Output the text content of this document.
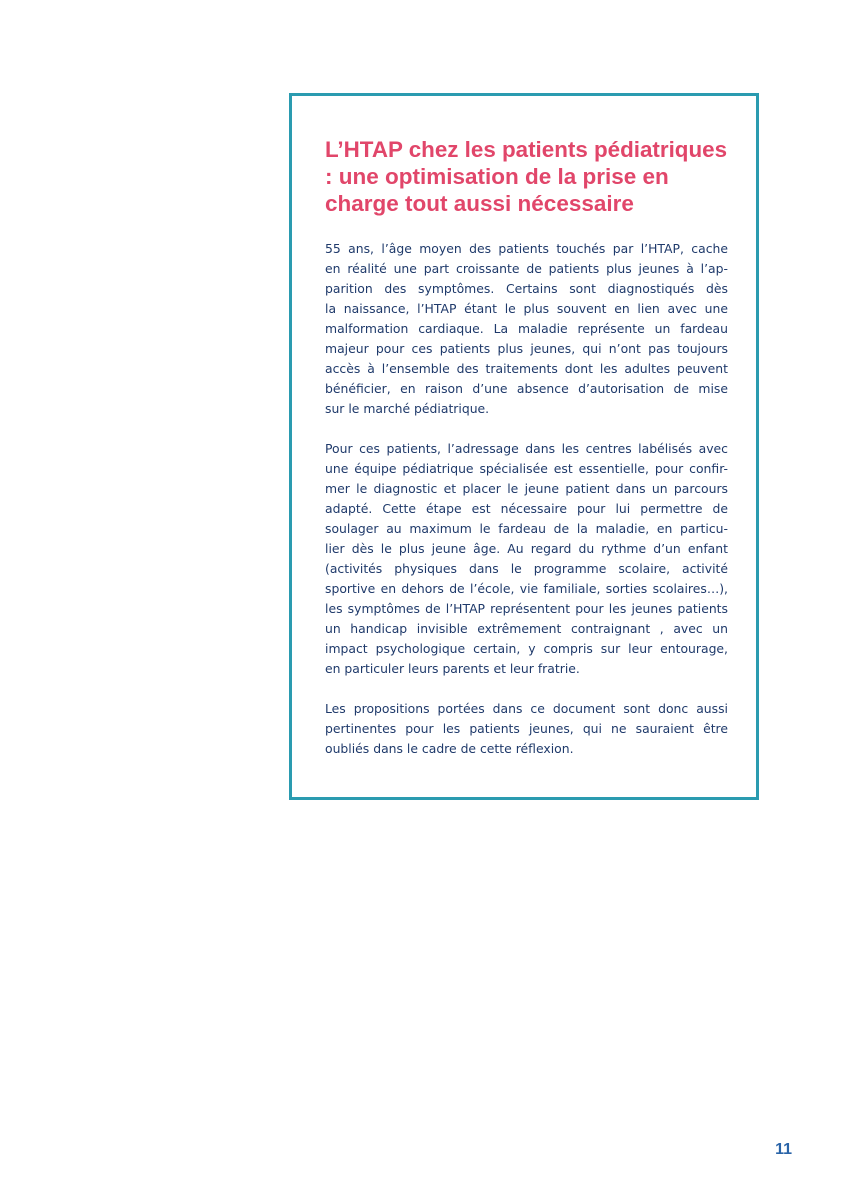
L’HTAP chez les patients pédiatriques
: une optimisation de la prise en
charge tout aussi nécessaire

55 ans, l’âge moyen des patients touchés par l’HTAP, cache
en réalité une part croissante de patients plus jeunes à l’ap-
parition des symptômes. Certains sont diagnostiqués dès
la naissance, l’HTAP étant le plus souvent en lien avec une
malformation cardiaque. La maladie représente un fardeau
majeur pour ces patients plus jeunes, qui n’ont pas toujours
accès à l’ensemble des traitements dont les adultes peuvent
bénéficier, en raison d’une absence d’autorisation de mise
sur le marché pédiatrique.

Pour ces patients, l’adressage dans les centres labélisés avec
une équipe pédiatrique spécialisée est essentielle, pour confir-
mer le diagnostic et placer le jeune patient dans un parcours
adapté. Cette étape est nécessaire pour lui permettre de
soulager au maximum le fardeau de la maladie, en particu-
lier dès le plus jeune âge. Au regard du rythme d’un enfant
(activités physiques dans le programme scolaire, activité
sportive en dehors de l’école, vie familiale, sorties scolaires…),
les symptômes de l’HTAP représentent pour les jeunes patients
un handicap invisible extrêmement contraignant , avec un
impact psychologique certain, y compris sur leur entourage,
en particuler leurs parents et leur fratrie.

Les propositions portées dans ce document sont donc aussi
pertinentes pour les patients jeunes, qui ne sauraient être
oubliés dans le cadre de cette réflexion.

11
